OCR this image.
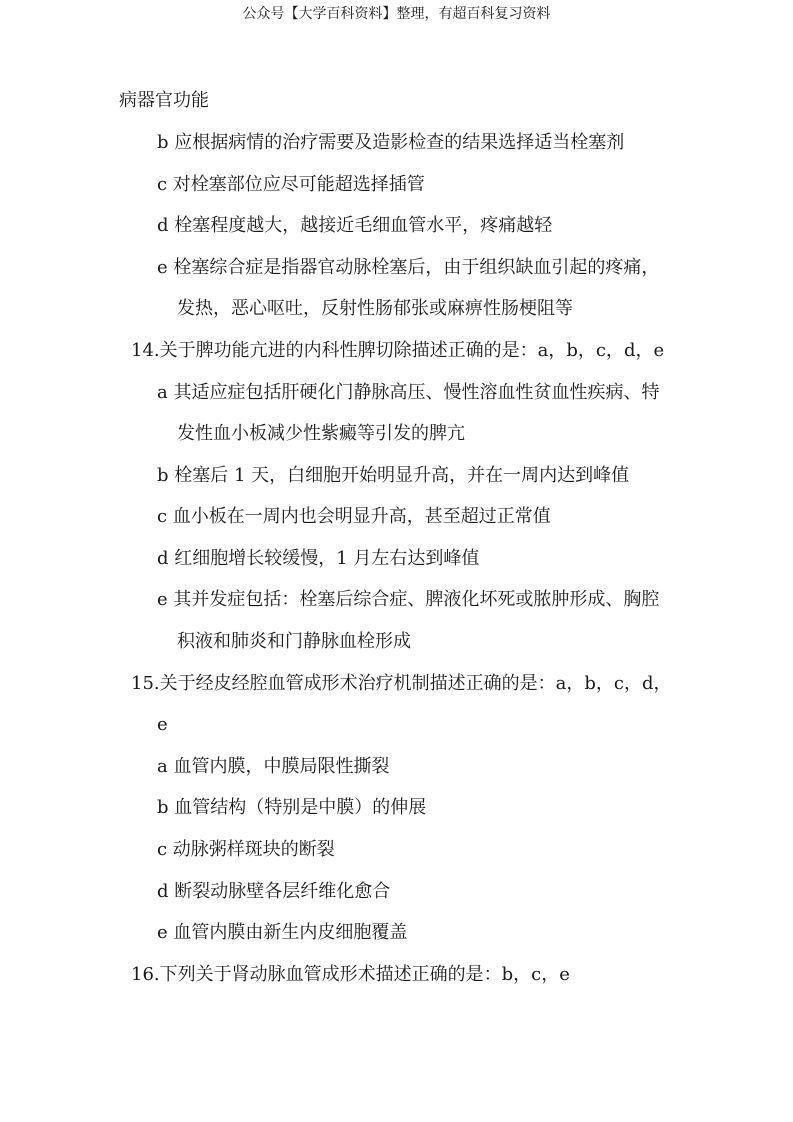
公众号【大学百科资料】整理，有超百科复习资料
病器官功能
b 应根据病情的治疗需要及造影检查的结果选择适当栓塞剂
c 对栓塞部位应尽可能超选择插管
d 栓塞程度越大，越接近毛细血管水平，疼痛越轻
e 栓塞综合症是指器官动脉栓塞后，由于组织缺血引起的疼痛，
发热，恶心呕吐，反射性肠郁张或麻痹性肠梗阻等
14.关于脾功能亢进的内科性脾切除描述正确的是：a，b，c，d，e
a 其适应症包括肝硬化门静脉高压、慢性溶血性贫血性疾病、特
发性血小板减少性紫癜等引发的脾亢
b 栓塞后 1 天，白细胞开始明显升高，并在一周内达到峰值
c 血小板在一周内也会明显升高，甚至超过正常值
d 红细胞增长较缓慢，1 月左右达到峰值
e 其并发症包括：栓塞后综合症、脾液化坏死或脓肿形成、胸腔
积液和肺炎和门静脉血栓形成
15.关于经皮经腔血管成形术治疗机制描述正确的是：a，b，c，d，
e
a 血管内膜，中膜局限性撕裂
b 血管结构（特别是中膜）的伸展
c 动脉粥样斑块的断裂
d 断裂动脉壁各层纤维化愈合
e 血管内膜由新生内皮细胞覆盖
16.下列关于肾动脉血管成形术描述正确的是：b，c，e
